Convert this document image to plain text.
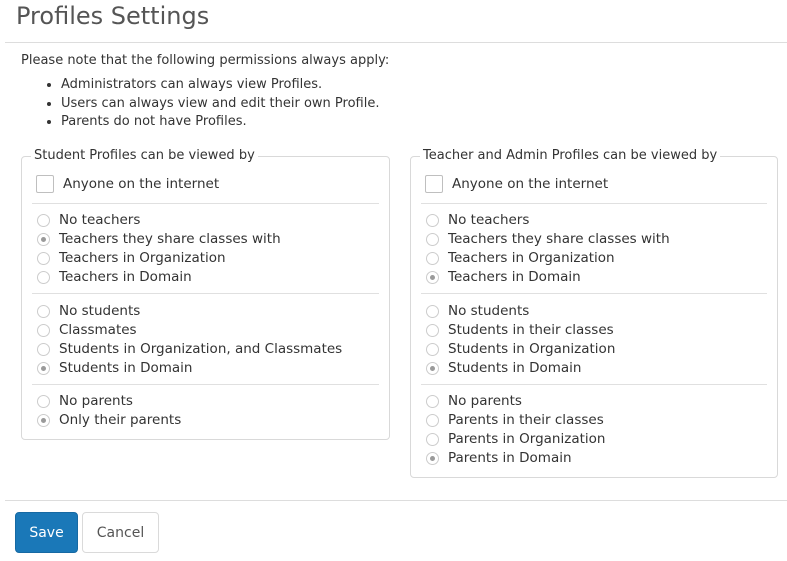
Profiles Settings
Please note that the following permissions always apply:
• Administrators can always view Profiles.
• Users can always view and edit their own Profile.
• Parents do not have Profiles.
Student Profiles can be viewed by
Anyone on the internet
No teachers
Teachers they share classes with
Teachers in Organization
Teachers in Domain
No students
Classmates
Students in Organization, and Classmates
Students in Domain
No parents
Only their parents
Teacher and Admin Profiles can be viewed by
Anyone on the internet
No teachers
Teachers they share classes with
Teachers in Organization
Teachers in Domain
No students
Students in their classes
Students in Organization
Students in Domain
No parents
Parents in their classes
Parents in Organization
Parents in Domain
Save	Cancel
